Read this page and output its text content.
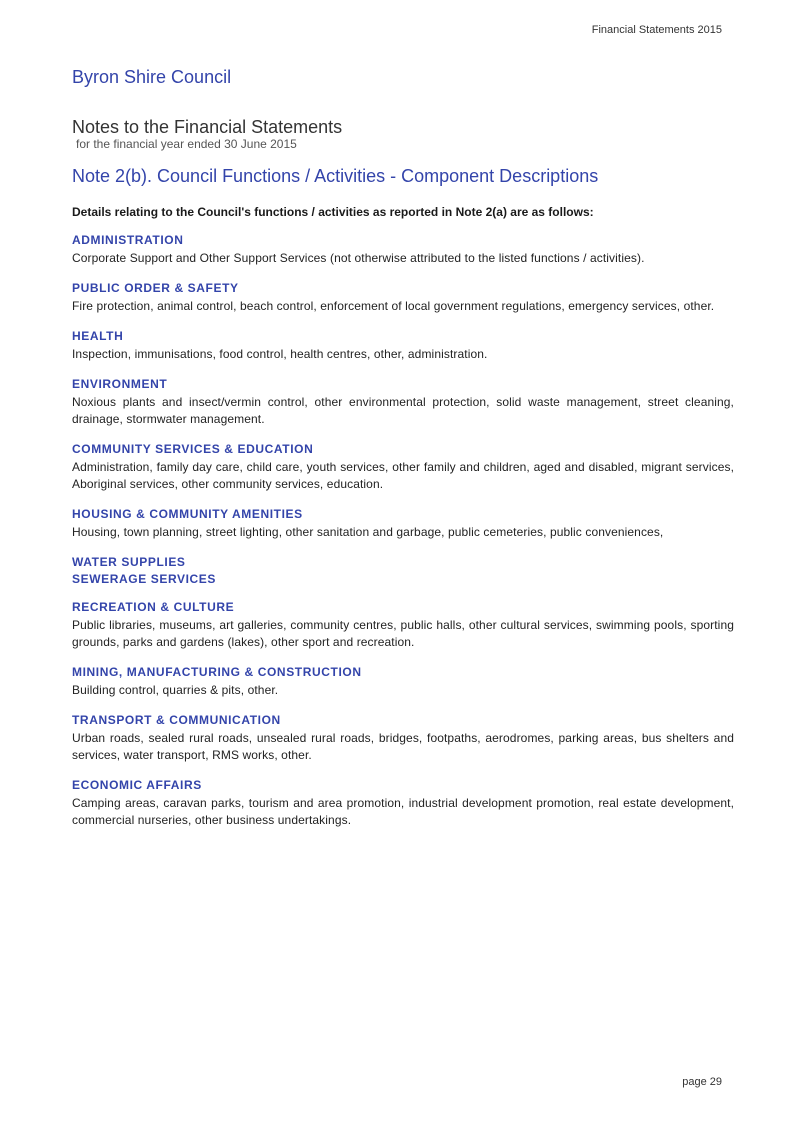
Financial Statements 2015
Byron Shire Council
Notes to the Financial Statements

for the financial year ended 30 June 2015

Note 2(b). Council Functions / Activities - Component Descriptions

Details relating to the Council's functions / activities as reported in Note 2(a) are as follows:

ADMINISTRATION

Corporate Support and Other Support Services (not otherwise attributed to the listed functions / activities).

PUBLIC ORDER & SAFETY

Fire protection, animal control, beach control, enforcement of local government regulations, emergency services, other.

HEALTH

Inspection, immunisations, food control, health centres, other, administration.

ENVIRONMENT

Noxious plants and insect/vermin control, other environmental protection, solid waste management, street cleaning, drainage, stormwater management.

COMMUNITY SERVICES & EDUCATION

Administration, family day care, child care, youth services, other family and children, aged and disabled, migrant services, Aboriginal services, other community services, education.

HOUSING & COMMUNITY AMENITIES

Housing, town planning, street lighting, other sanitation and garbage, public cemeteries, public conveniences,

WATER SUPPLIES
SEWERAGE SERVICES
RECREATION & CULTURE

Public libraries, museums, art galleries, community centres, public halls, other cultural services, swimming pools, sporting grounds, parks and gardens (lakes), other sport and recreation.

MINING, MANUFACTURING & CONSTRUCTION

Building control, quarries & pits, other.

TRANSPORT & COMMUNICATION

Urban roads, sealed rural roads, unsealed rural roads, bridges, footpaths, aerodromes, parking areas, bus shelters and services, water transport, RMS works, other.

ECONOMIC AFFAIRS

Camping areas, caravan parks, tourism and area promotion, industrial development promotion, real estate development, commercial nurseries, other business undertakings.

page 29
